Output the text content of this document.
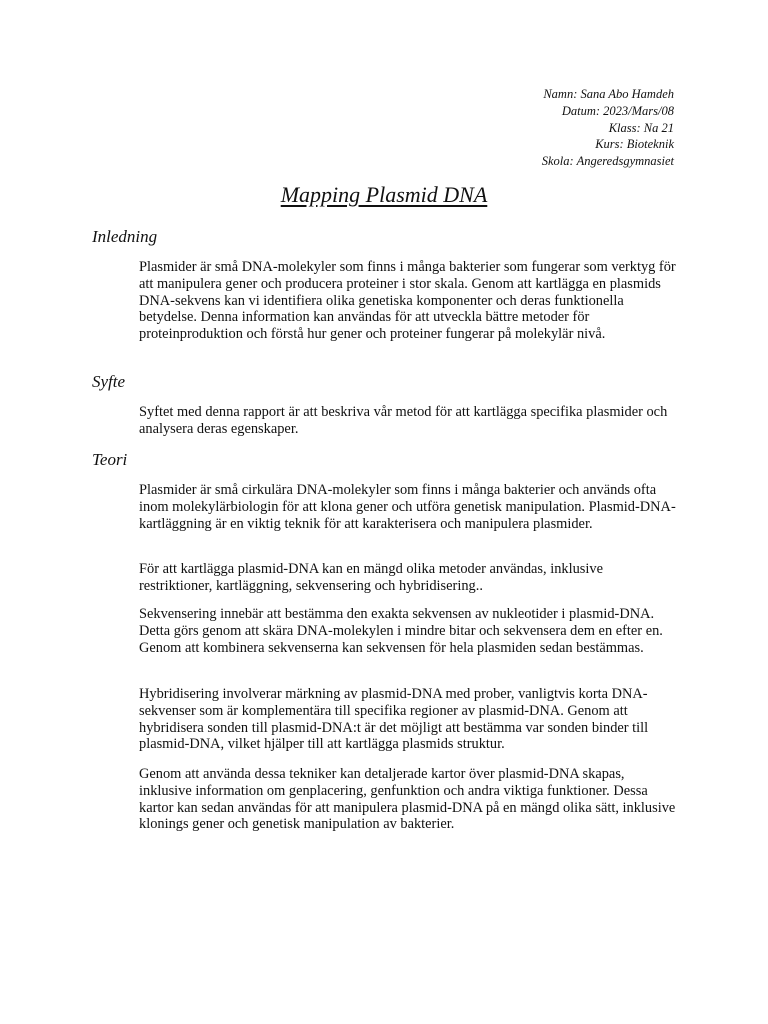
Namn: Sana Abo Hamdeh
Datum: 2023/Mars/08
Klass: Na 21
Kurs: Bioteknik
Skola: Angeredsgymnasiet
Mapping Plasmid DNA
Inledning

Plasmider är små DNA-molekyler som finns i många bakterier som fungerar som verktyg för att manipulera gener och producera proteiner i stor skala. Genom att kartlägga en plasmids DNA-sekvens kan vi identifiera olika genetiska komponenter och deras funktionella betydelse. Denna information kan användas för att utveckla bättre metoder för proteinproduktion och förstå hur gener och proteiner fungerar på molekylär nivå.

Syfte

Syftet med denna rapport är att beskriva vår metod för att kartlägga specifika plasmider och analysera deras egenskaper.

Teori

Plasmider är små cirkulära DNA-molekyler som finns i många bakterier och används ofta inom molekylärbiologin för att klona gener och utföra genetisk manipulation. Plasmid-DNA-kartläggning är en viktig teknik för att karakterisera och manipulera plasmider.

För att kartlägga plasmid-DNA kan en mängd olika metoder användas, inklusive restriktioner, kartläggning, sekvensering och hybridisering..

Sekvensering innebär att bestämma den exakta sekvensen av nukleotider i plasmid-DNA. Detta görs genom att skära DNA-molekylen i mindre bitar och sekvensera dem en efter en. Genom att kombinera sekvenserna kan sekvensen för hela plasmiden sedan bestämmas.

Hybridisering involverar märkning av plasmid-DNA med prober, vanligtvis korta DNA-sekvenser som är komplementära till specifika regioner av plasmid-DNA. Genom att hybridisera sonden till plasmid-DNA:t är det möjligt att bestämma var sonden binder till plasmid-DNA, vilket hjälper till att kartlägga plasmids struktur.

Genom att använda dessa tekniker kan detaljerade kartor över plasmid-DNA skapas, inklusive information om genplacering, genfunktion och andra viktiga funktioner. Dessa kartor kan sedan användas för att manipulera plasmid-DNA på en mängd olika sätt, inklusive klonings gener och genetisk manipulation av bakterier.
